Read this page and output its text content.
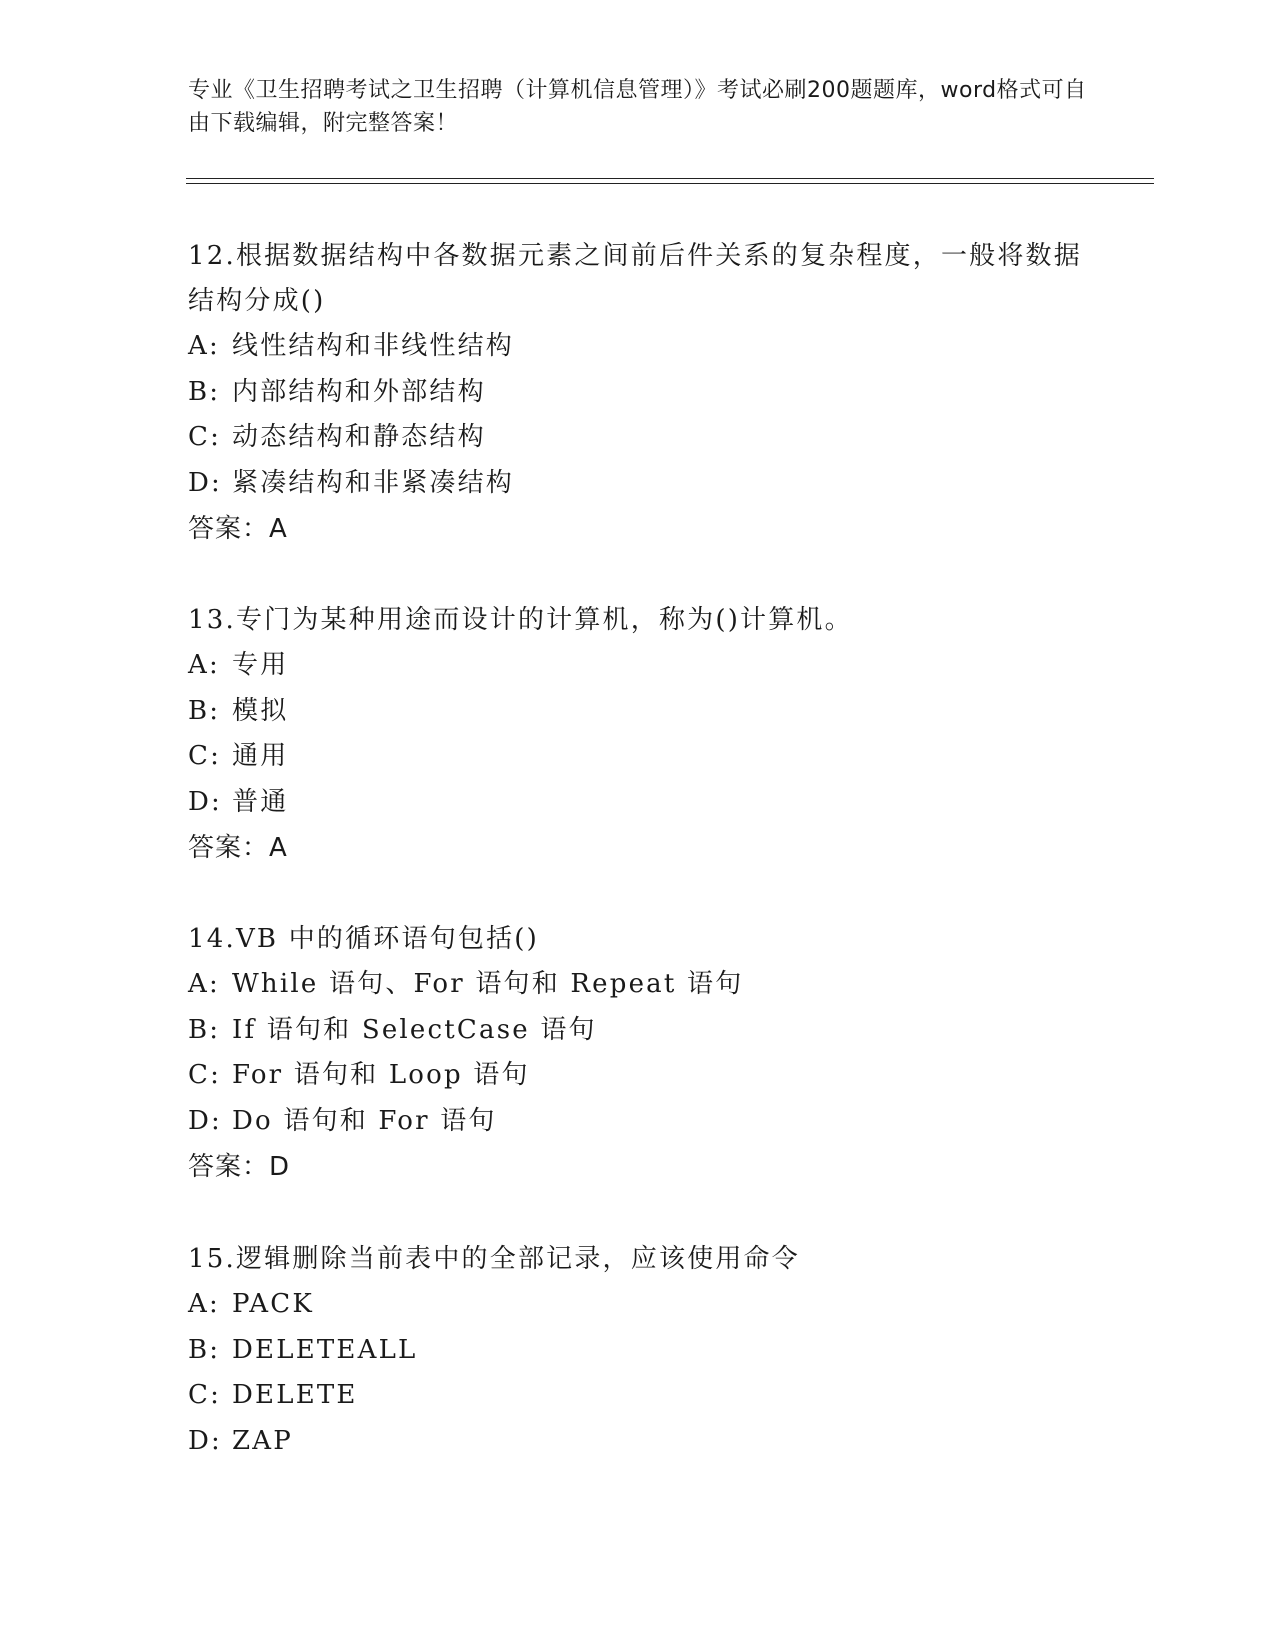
专业《卫生招聘考试之卫生招聘（计算机信息管理）》考试必刷200题题库，word格式可自由下载编辑，附完整答案！
12.根据数据结构中各数据元素之间前后件关系的复杂程度，一般将数据结构分成()
A: 线性结构和非线性结构
B: 内部结构和外部结构
C: 动态结构和静态结构
D: 紧凑结构和非紧凑结构
答案：A
13.专门为某种用途而设计的计算机，称为()计算机。
A: 专用
B: 模拟
C: 通用
D: 普通
答案：A
14.VB 中的循环语句包括()
A: While 语句、For 语句和 Repeat 语句
B: If 语句和 SelectCase 语句
C: For 语句和 Loop 语句
D: Do 语句和 For 语句
答案：D
15.逻辑删除当前表中的全部记录，应该使用命令
A: PACK
B: DELETEALL
C: DELETE
D: ZAP
